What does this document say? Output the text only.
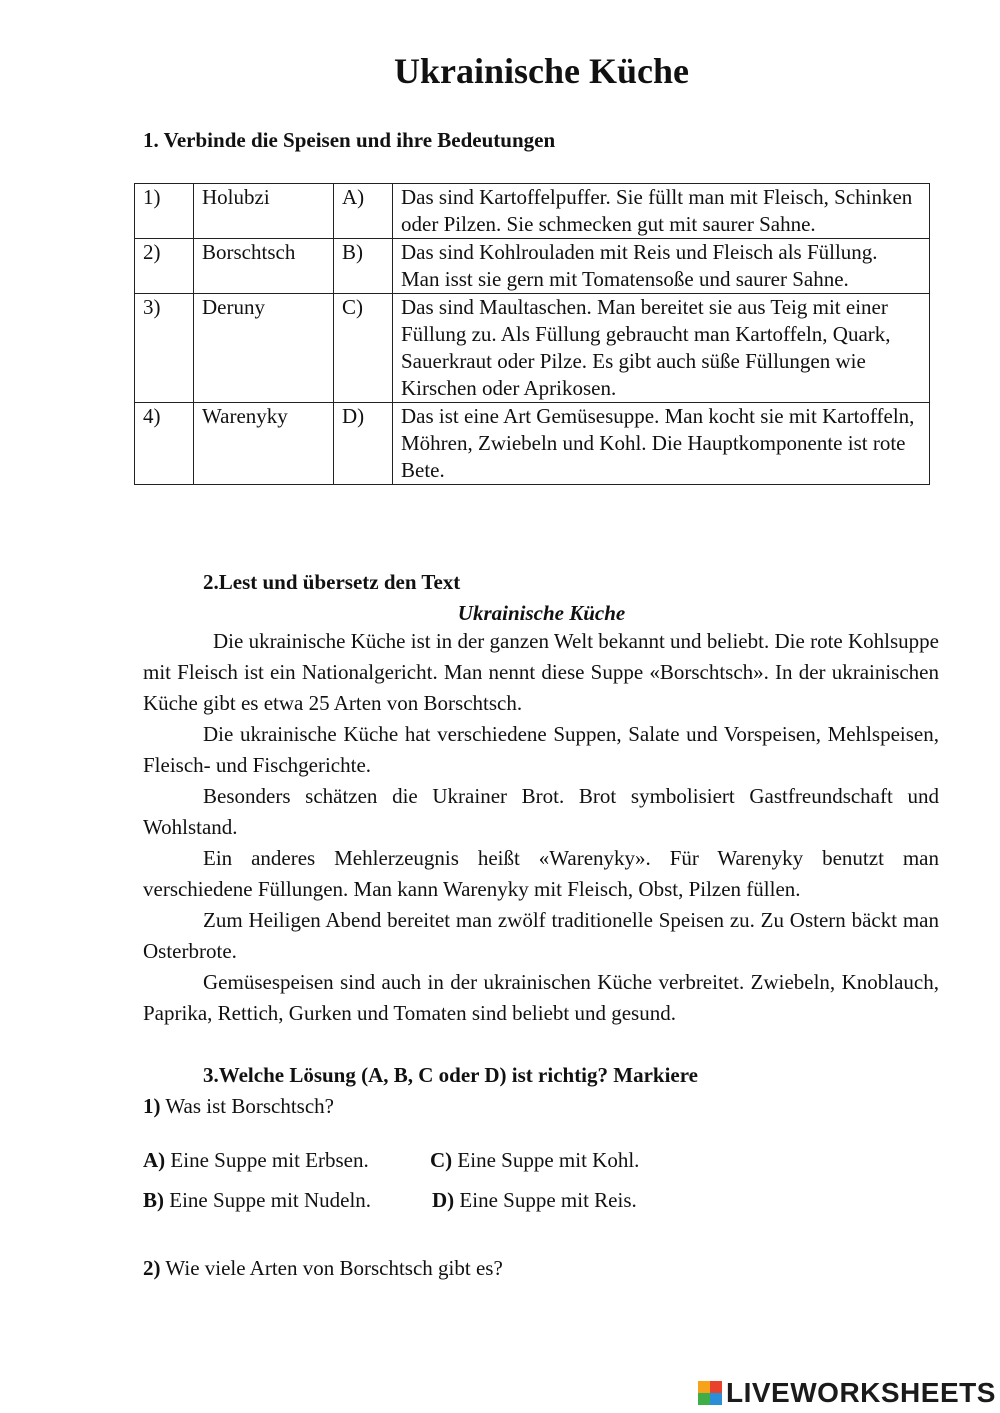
Ukrainische Küche
1. Verbinde die Speisen und ihre Bedeutungen
1)	Holubzi	A)	Das sind Kartoffelpuffer. Sie füllt man mit Fleisch, Schinken oder Pilzen. Sie schmecken gut mit saurer Sahne.
2)	Borschtsch	B)	Das sind Kohlrouladen mit Reis und Fleisch als Füllung. Man isst sie gern mit Tomatensoße und saurer Sahne.
3)	Deruny	C)	Das sind Maultaschen. Man bereitet sie aus Teig mit einer Füllung zu. Als Füllung gebraucht man Kartoffeln, Quark, Sauerkraut oder Pilze. Es gibt auch süße Füllungen wie Kirschen oder Aprikosen.
4)	Warenyky	D)	Das ist eine Art Gemüsesuppe. Man kocht sie mit Kartoffeln, Möhren, Zwiebeln und Kohl. Die Hauptkomponente ist rote Bete.
2.Lest und übersetz den Text
Ukrainische Küche

Die ukrainische Küche ist in der ganzen Welt bekannt und beliebt. Die rote Kohlsuppe mit Fleisch ist ein Nationalgericht. Man nennt diese Suppe «Borschtsch». In der ukrainischen Küche gibt es etwa 25 Arten von Borschtsch.

Die ukrainische Küche hat verschiedene Suppen, Salate und Vorspeisen, Mehlspeisen, Fleisch- und Fischgerichte.

Besonders schätzen die Ukrainer Brot. Brot symbolisiert Gastfreundschaft und Wohlstand.

Ein anderes Mehlerzeugnis heißt «Warenyky». Für Warenyky benutzt man verschiedene Füllungen. Man kann Warenyky mit Fleisch, Obst, Pilzen füllen.

Zum Heiligen Abend bereitet man zwölf traditionelle Speisen zu. Zu Ostern bäckt man Osterbrote.

Gemüsespeisen sind auch in der ukrainischen Küche verbreitet. Zwiebeln, Knoblauch, Paprika, Rettich, Gurken und Tomaten sind beliebt und gesund.

3.Welche Lösung (A, B, C oder D) ist richtig? Markiere
1) Was ist Borschtsch?
A) Eine Suppe mit Erbsen.	C) Eine Suppe mit Kohl.
B) Eine Suppe mit Nudeln.	D) Eine Suppe mit Reis.
2) Wie viele Arten von Borschtsch gibt es?
LIVEWORKSHEETS
